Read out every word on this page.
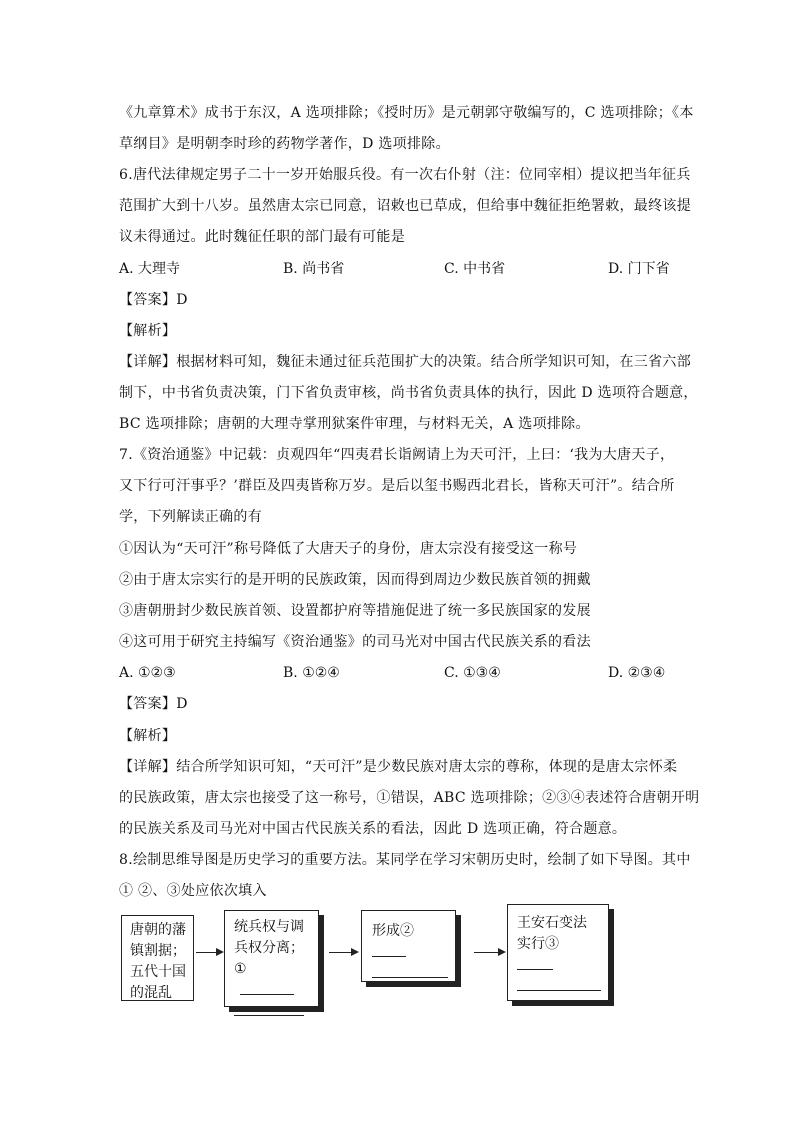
《九章算术》成书于东汉，A 选项排除；《授时历》是元朝郭守敬编写的，C 选项排除；《本
草纲目》是明朝李时珍的药物学著作，D 选项排除。
6.唐代法律规定男子二十一岁开始服兵役。有一次右仆射（注：位同宰相）提议把当年征兵
范围扩大到十八岁。虽然唐太宗已同意，诏敕也已草成，但给事中魏征拒绝署敕，最终该提
议未得通过。此时魏征任职的部门最有可能是
A. 大理寺	B. 尚书省	C. 中书省	D. 门下省
【答案】D
【解析】
【详解】根据材料可知，魏征未通过征兵范围扩大的决策。结合所学知识可知，在三省六部
制下，中书省负责决策，门下省负责审核，尚书省负责具体的执行，因此 D 选项符合题意，
BC 选项排除；唐朝的大理寺掌刑狱案件审理，与材料无关，A 选项排除。
7.《资治通鉴》中记载：贞观四年“四夷君长诣阙请上为天可汗，上曰：‘我为大唐天子，
又下行可汗事乎？’群臣及四夷皆称万岁。是后以玺书赐西北君长，皆称天可汗”。结合所
学，下列解读正确的有
①因认为“天可汗”称号降低了大唐天子的身份，唐太宗没有接受这一称号
②由于唐太宗实行的是开明的民族政策，因而得到周边少数民族首领的拥戴
③唐朝册封少数民族首领、设置都护府等措施促进了统一多民族国家的发展
④这可用于研究主持编写《资治通鉴》的司马光对中国古代民族关系的看法
A. ①②③	B. ①②④	C. ①③④	D. ②③④
【答案】D
【解析】
【详解】结合所学知识可知，“天可汗”是少数民族对唐太宗的尊称，体现的是唐太宗怀柔
的民族政策，唐太宗也接受了这一称号，①错误，ABC 选项排除；②③④表述符合唐朝开明
的民族关系及司马光对中国古代民族关系的看法，因此 D 选项正确，符合题意。
8.绘制思维导图是历史学习的重要方法。某同学在学习宋朝历史时，绘制了如下导图。其中
① ②、③处应依次填入
唐朝的藩
镇割据；
五代十国
的混乱
统兵权与调
兵权分离；
①
形成②	王安石变法
实行③
